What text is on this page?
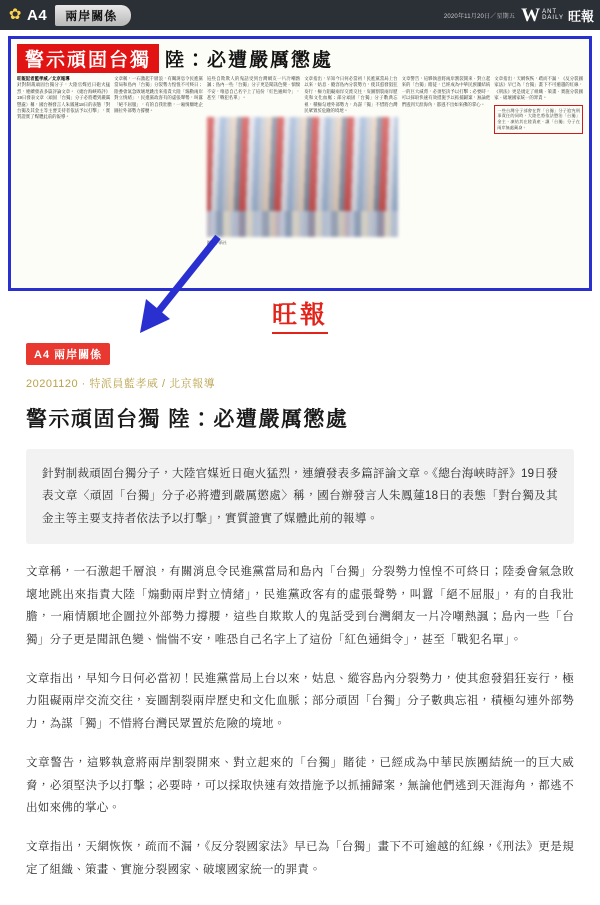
✿ A4	兩岸關係	2020年11月20日／星期五 W ANT
DAILY 旺報
警示頑固台獨 陸：必遭嚴厲懲處
旺報記者藍孝威／北京報導
針對制裁頑固台獨分子，大陸官媒近日砲火猛烈，連續發表多篇評論文章。《總台海峽時評》19日發表文章〈頑固「台獨」分子必將遭到嚴厲懲處〉稱，國台辦發言人朱鳳蓮18日的表態「對台獨及其金主等主要支持者依法予以打擊」，實質證實了媒體此前的報導。
文章稱，一石激起千層浪，有關消息令民進黨當局和島內「台獨」分裂勢力惶惶不可終日；陸委會氣急敗壞地跳出來指責大陸「煽動兩岸對立情緒」，民進黨政客有的虛張聲勢，叫囂「絕不屈服」，有的自我壯膽，一廂情願地企圖拉外部勢力撐腰。
這些自欺欺人的鬼話受到台灣網友一片冷嘲熱諷；島內一些「台獨」分子更是聞訊色變、惴惴不安，唯恐自己名字上了這份「紅色通緝令」，甚至「戰犯名單」。
文章指出，早知今日何必當初！民進黨當局上台以來，姑息、縱容島內分裂勢力，使其愈發猖狂妄行，極力阻礙兩岸交流交往，妄圖割裂兩岸歷史和文化血脈；部分頑固「台獨」分子數典忘祖，積極勾連外部勢力，為謀「獨」不惜將台灣民眾置於危險的境地。
圖／中新社
文章警告，這夥執意將兩岸割裂開來、對立起來的「台獨」賭徒，已經成為中華民族團結統一的巨大威脅，必須堅決予以打擊；必要時，可以採取快速有效措施予以抓捕歸案，無論他們逃到天涯海角，都逃不出如來佛的掌心。
文章指出，天網恢恢，疏而不漏，《反分裂國家法》早已為「台獨」畫下不可逾越的紅線，《刑法》更是規定了組織、策畫、實施分裂國家、破壞國家統一的罪責。
一些台灣分子部會在對「台獨」分子追究刑事責任的同時，大陸也將依法懲治「台獨」金主，凍結其在陸資產，讓「台獨」分子在兩岸無處藏身。
旺報
A4 兩岸關係
20201120 · 特派員藍孝威 / 北京報導
警示頑固台獨 陸：必遭嚴厲懲處
針對制裁頑固台獨分子，大陸官媒近日砲火猛烈，連續發表多篇評論文章。《總台海峽時評》19日發表文章〈頑固「台獨」分子必將遭到嚴厲懲處〉稱，國台辦發言人朱鳳蓮18日的表態「對台獨及其金主等主要支持者依法予以打擊」，實質證實了媒體此前的報導。

文章稱，一石激起千層浪，有關消息令民進黨當局和島內「台獨」分裂勢力惶惶不可終日；陸委會氣急敗壞地跳出來指責大陸「煽動兩岸對立情緒」，民進黨政客有的虛張聲勢，叫囂「絕不屈服」，有的自我壯膽，一廂情願地企圖拉外部勢力撐腰，這些自欺欺人的鬼話受到台灣網友一片冷嘲熱諷；島內一些「台獨」分子更是聞訊色變、惴惴不安，唯恐自己名字上了這份「紅色通緝令」，甚至「戰犯名單」。

文章指出，早知今日何必當初！民進黨當局上台以來，姑息、縱容島內分裂勢力，使其愈發猖狂妄行，極力阻礙兩岸交流交往，妄圖割裂兩岸歷史和文化血脈；部分頑固「台獨」分子數典忘祖，積極勾連外部勢力，為謀「獨」不惜將台灣民眾置於危險的境地。

文章警告，這夥執意將兩岸割裂開來、對立起來的「台獨」賭徒，已經成為中華民族團結統一的巨大威脅，必須堅決予以打擊；必要時，可以採取快速有效措施予以抓捕歸案，無論他們逃到天涯海角，都逃不出如來佛的掌心。

文章指出，天網恢恢，疏而不漏，《反分裂國家法》早已為「台獨」畫下不可逾越的紅線，《刑法》更是規定了組織、策畫、實施分裂國家、破壞國家統一的罪責。
